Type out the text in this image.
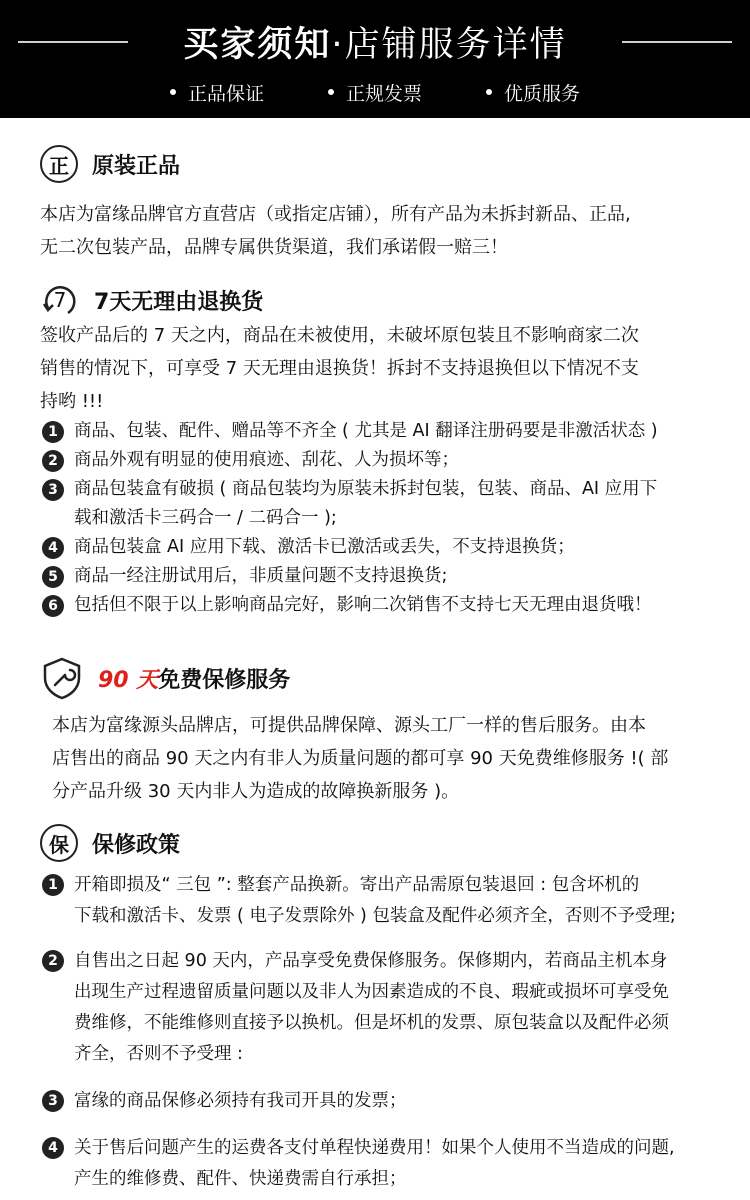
买家须知·店铺服务详情
正品保证	正规发票	优质服务
正 原装正品
本店为富缘品牌官方直营店（或指定店铺），所有产品为未拆封新品、正品,
无二次包装产品，品牌专属供货渠道，我们承诺假一赔三！
7 7天无理由退换货
签收产品后的 7 天之内，商品在未被使用，未破坏原包装且不影响商家二次
销售的情况下，可享受 7 天无理由退换货！拆封不支持退换但以下情况不支
持哟 !!!
1 商品、包装、配件、赠品等不齐全 ( 尤其是 AI 翻译注册码要是非激活状态 )
2 商品外观有明显的使用痕迹、刮花、人为损坏等；
3 商品包装盒有破损 ( 商品包装均为原装未拆封包装，包装、商品、AI 应用下
载和激活卡三码合一 / 二码合一 );
4 商品包装盒 AI 应用下载、激活卡已激活或丢失，不支持退换货；
5 商品一经注册试用后，非质量问题不支持退换货;
6 包括但不限于以上影响商品完好，影响二次销售不支持七天无理由退货哦！
90 天免费保修服务
本店为富缘源头品牌店，可提供品牌保障、源头工厂一样的售后服务。由本
店售出的商品 90 天之内有非人为质量问题的都可享 90 天免费维修服务 !( 部
分产品升级 30 天内非人为造成的故障换新服务 )。
保 保修政策
1 开箱即损及“ 三包 ”: 整套产品换新。寄出产品需原包装退回 : 包含坏机的
下载和激活卡、发票 ( 电子发票除外 ) 包装盒及配件必须齐全，否则不予受理;
2 自售出之日起 90 天内，产品享受免费保修服务。保修期内，若商品主机本身
出现生产过程遗留质量问题以及非人为因素造成的不良、瑕疵或损坏可享受免
费维修，不能维修则直接予以换机。但是坏机的发票、原包装盒以及配件必须
齐全，否则不予受理 :
3 富缘的商品保修必须持有我司开具的发票；
4 关于售后问题产生的运费各支付单程快递费用！如果个人使用不当造成的问题,
产生的维修费、配件、快递费需自行承担；
